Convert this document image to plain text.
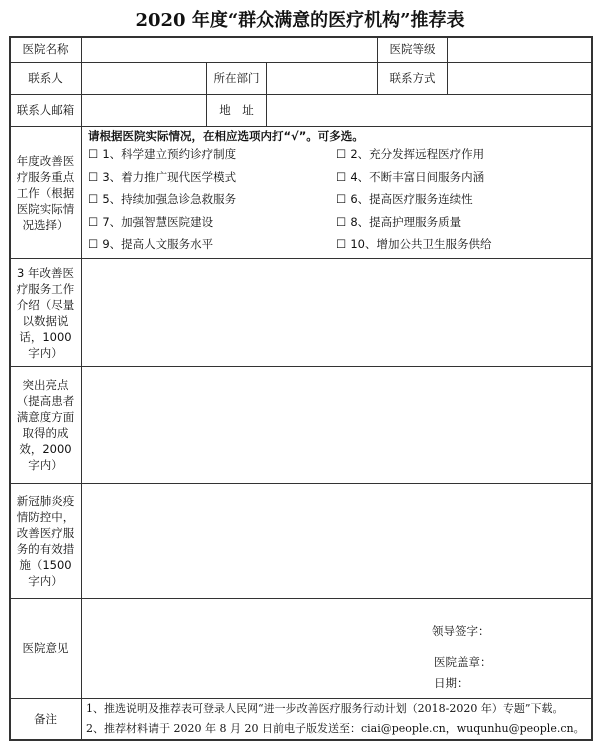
2020 年度“群众满意的医疗机构”推荐表
医院名称	医院等级
联系人	所在部门	联系方式
联系人邮箱	地　址
年度改善医疗服务重点工作（根据医院实际情况选择）
请根据医院实际情况，在相应选项内打“√”。可多选。
☐ 1、科学建立预约诊疗制度	☐ 2、充分发挥远程医疗作用
☐ 3、着力推广现代医学模式	☐ 4、不断丰富日间服务内涵
☐ 5、持续加强急诊急救服务	☐ 6、提高医疗服务连续性
☐ 7、加强智慧医院建设	☐ 8、提高护理服务质量
☐ 9、提高人文服务水平	☐ 10、增加公共卫生服务供给
3 年改善医疗服务工作介绍（尽量以数据说话，1000 字内）
突出亮点（提高患者满意度方面取得的成效，2000 字内）
新冠肺炎疫情防控中，改善医疗服务的有效措施（1500 字内）
医院意见
领导签字：
医院盖章：
日期：
备注
1、推选说明及推荐表可登录人民网“进一步改善医疗服务行动计划（2018-2020 年）专题”下载。
2、推荐材料请于 2020 年 8 月 20 日前电子版发送至：ciai@people.cn，wuqunhu@people.cn。
